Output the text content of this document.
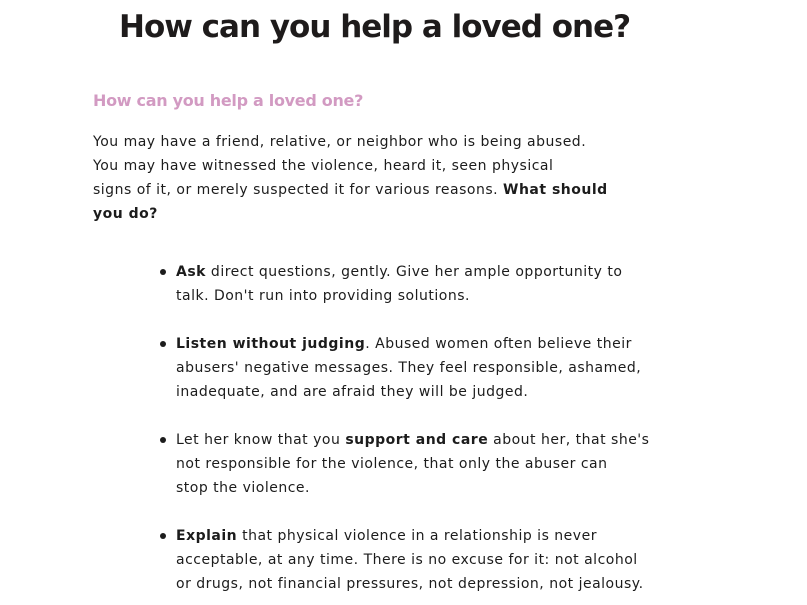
How can you help a loved one?
How can you help a loved one?

You may have a friend, relative, or neighbor who is being abused.

You may have witnessed the violence, heard it, seen physical

signs of it, or merely suspected it for various reasons. What should

you do?

Ask direct questions, gently. Give her ample opportunity to

talk. Don't run into providing solutions.

Listen without judging. Abused women often believe their

abusers' negative messages. They feel responsible, ashamed,

inadequate, and are afraid they will be judged.

Let her know that you support and care about her, that she's

not responsible for the violence, that only the abuser can

stop the violence.

Explain that physical violence in a relationship is never

acceptable, at any time. There is no excuse for it: not alcohol

or drugs, not financial pressures, not depression, not jealousy.
